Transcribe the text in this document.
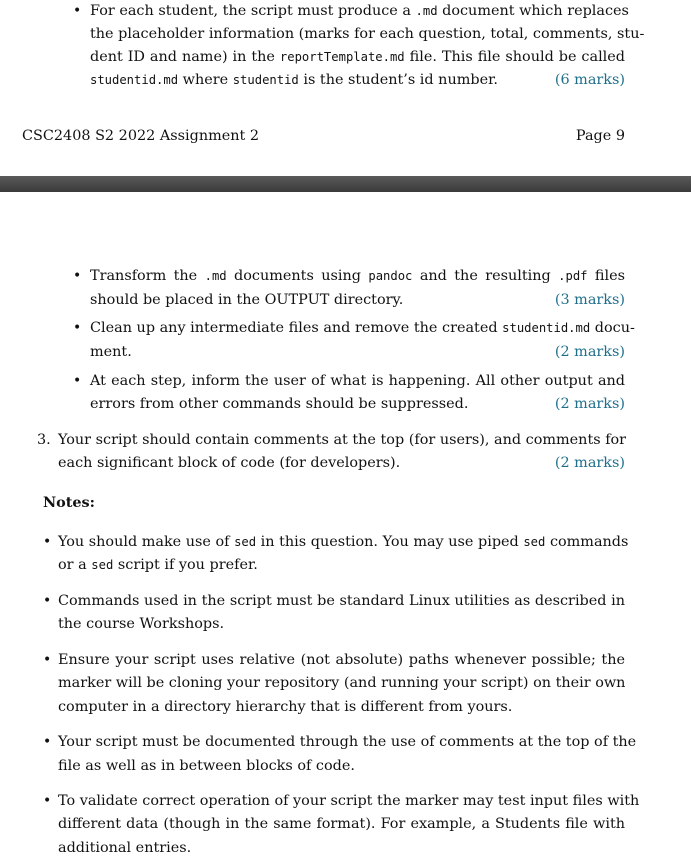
• For each student, the script must produce a .md document which replaces
the placeholder information (marks for each question, total, comments, stu-
dent ID and name) in the reportTemplate.md file. This file should be called
studentid.md where studentid is the student’s id number.	(6 marks)
CSC2408 S2 2022 Assignment 2	Page 9
• Transform the .md documents using pandoc and the resulting .pdf files
should be placed in the OUTPUT directory.	(3 marks)
• Clean up any intermediate files and remove the created studentid.md docu-
ment.	(2 marks)
• At each step, inform the user of what is happening. All other output and
errors from other commands should be suppressed.	(2 marks)
3. Your script should contain comments at the top (for users), and comments for
each significant block of code (for developers).	(2 marks)
Notes:
• You should make use of sed in this question. You may use piped sed commands
or a sed script if you prefer.
• Commands used in the script must be standard Linux utilities as described in
the course Workshops.
• Ensure your script uses relative (not absolute) paths whenever possible; the
marker will be cloning your repository (and running your script) on their own
computer in a directory hierarchy that is different from yours.
• Your script must be documented through the use of comments at the top of the
file as well as in between blocks of code.
• To validate correct operation of your script the marker may test input files with
different data (though in the same format). For example, a Students file with
additional entries.
